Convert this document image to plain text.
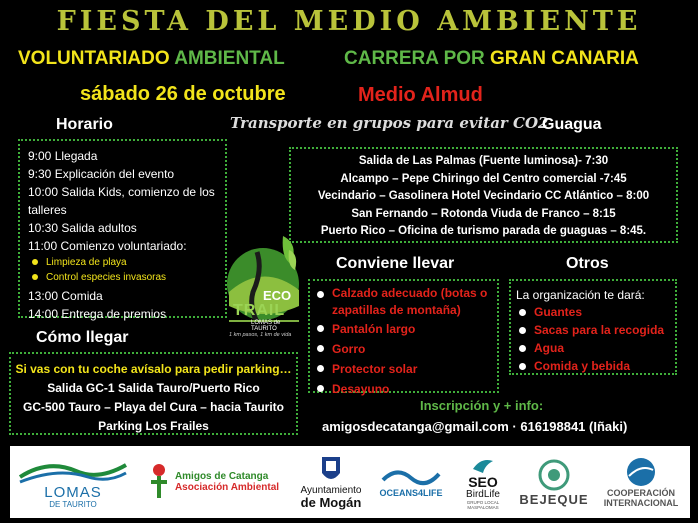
FIESTA DEL MEDIO AMBIENTE
VOLUNTARIADO AMBIENTAL	CARRERA POR GRAN CANARIA
sábado 26 de octubre	Medio Almud
Transporte en grupos para evitar CO2
Horario
9:00 Llegada
9:30 Explicación del evento
10:00 Salida Kids, comienzo de los talleres
10:30 Salida adultos
11:00 Comienzo voluntariado:
Limpieza de playa
Control especies invasoras
13:00 Comida
14:00 Entrega de premios
Guagua
Salida de Las Palmas (Fuente luminosa)- 7:30
Alcampo – Pepe Chiringo del Centro comercial -7:45
Vecindario – Gasolinera Hotel Vecindario CC Atlántico – 8:00
San Fernando – Rotonda Viuda de Franco – 8:15
Puerto Rico – Oficina de turismo parada de guaguas – 8:45.
ECO
TRAIL
LOMAS de TAURITO
1 km pasos, 1 km de vida
Conviene llevar
Calzado adecuado (botas o zapatillas de montaña)
Pantalón largo
Gorro
Protector solar
Desayuno
Otros
La organización te dará:
Guantes
Sacas para la recogida
Agua
Comida y bebida
Cómo llegar
Si vas con tu coche avísalo para pedir parking…
Salida GC-1 Salida Tauro/Puerto Rico
GC-500 Tauro – Playa del Cura – hacia Taurito
Parking Los Frailes
Inscripción y + info:
amigosdecatanga@gmail.com · 616198841 (Iñaki)
LOMAS
DE TAURITO
Amigos de Catanga
Asociación Ambiental Ayuntamiento
de Mogán
OCEANS4LIFE
SEO
BirdLife
GRUPO LOCAL MASPALOMAS
BEJEQUE COOPERACIÓN
INTERNACIONAL
